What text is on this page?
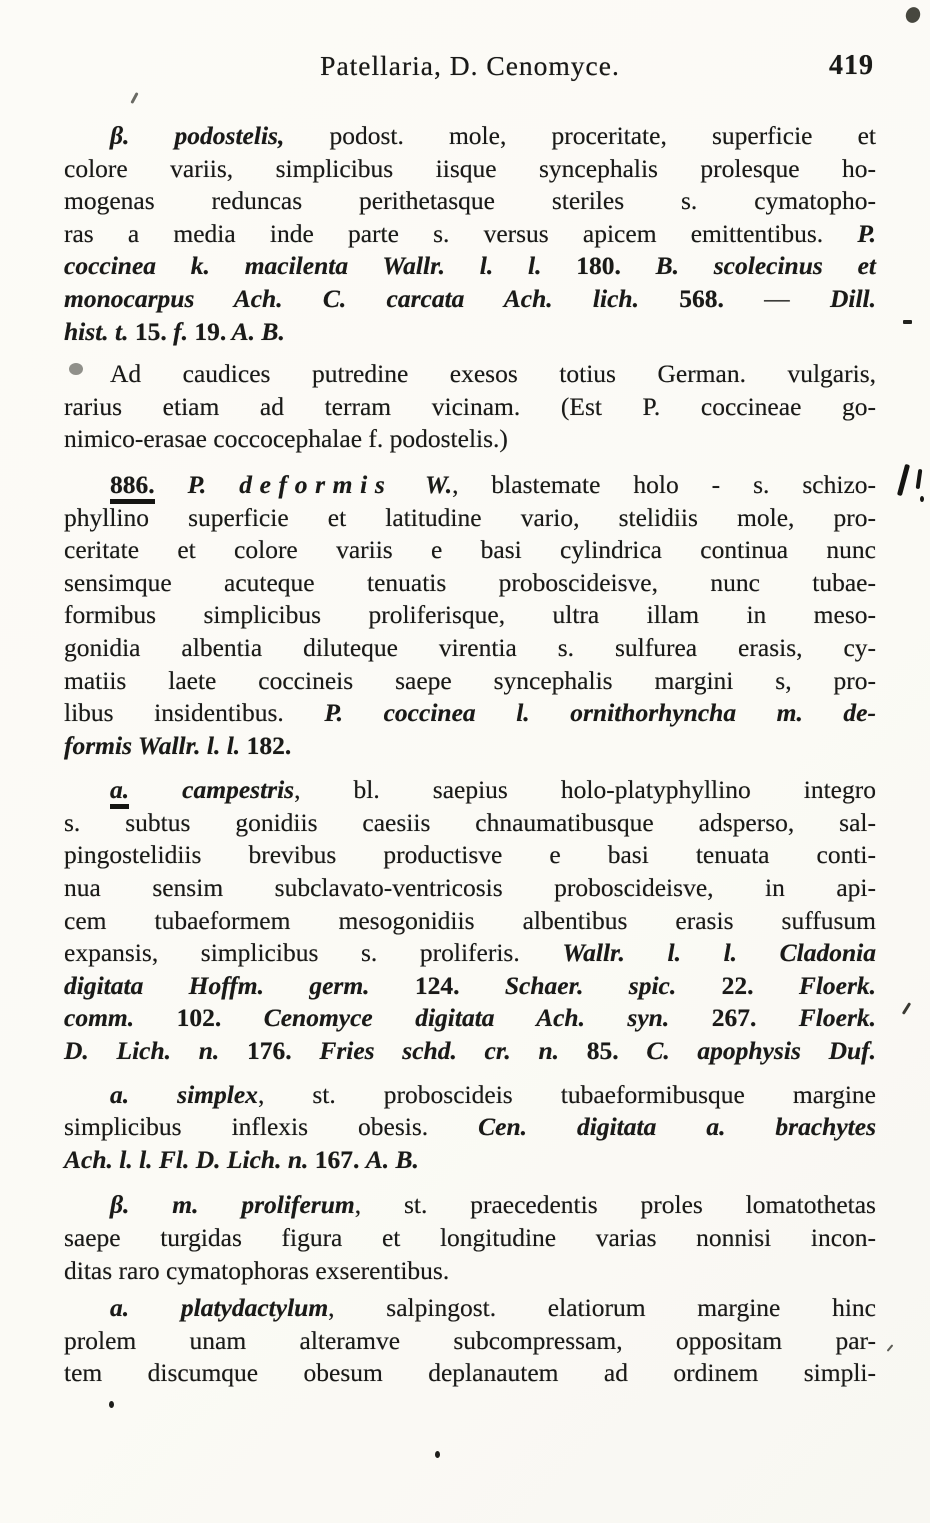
Patellaria, D. Cenomyce.	419
β. podostelis, podost. mole, proceritate, superficie et
colore variis, simplicibus iisque syncephalis prolesque ho-
mogenas reduncas perithetasque steriles s. cymatopho-
ras a media inde parte s. versus apicem emittentibus. P.
coccinea k. macilenta Wallr. l. l. 180. B. scolecinus et
monocarpus Ach. C. carcata Ach. lich. 568. — Dill.
hist. t. 15. f. 19. A. B.
Ad caudices putredine exesos totius German. vulgaris,
rarius etiam ad terram vicinam. (Est P. coccineae go-
nimico-erasae coccocephalae f. podostelis.)
886. P. deformis W., blastemate holo - s. schizo-
phyllino superficie et latitudine vario, stelidiis mole, pro-
ceritate et colore variis e basi cylindrica continua nunc
sensimque acuteque tenuatis proboscideisve, nunc tubae-
formibus simplicibus proliferisque, ultra illam in meso-
gonidia albentia diluteque virentia s. sulfurea erasis, cy-
matiis laete coccineis saepe syncephalis margini s, pro-
libus insidentibus. P. coccinea l. ornithorhyncha m. de-
formis Wallr. l. l. 182.
a. campestris, bl. saepius holo-platyphyllino integro
s. subtus gonidiis caesiis chnaumatibusque adsperso, sal-
pingostelidiis brevibus productisve e basi tenuata conti-
nua sensim subclavato-ventricosis proboscideisve, in api-
cem tubaeformem mesogonidiis albentibus erasis suffusum
expansis, simplicibus s. proliferis. Wallr. l. l. Cladonia
digitata Hoffm. germ. 124. Schaer. spic. 22. Floerk.
comm. 102. Cenomyce digitata Ach. syn. 267. Floerk.
D. Lich. n. 176. Fries schd. cr. n. 85. C. apophysis Duf.
a. simplex, st. proboscideis tubaeformibusque margine
simplicibus inflexis obesis. Cen. digitata a. brachytes
Ach. l. l. Fl. D. Lich. n. 167. A. B.
β. m. proliferum, st. praecedentis proles lomatothetas
saepe turgidas figura et longitudine varias nonnisi incon-
ditas raro cymatophoras exserentibus.
a. platydactylum, salpingost. elatiorum margine hinc
prolem unam alteramve subcompressam, oppositam par-
tem discumque obesum deplanautem ad ordinem simpli-
